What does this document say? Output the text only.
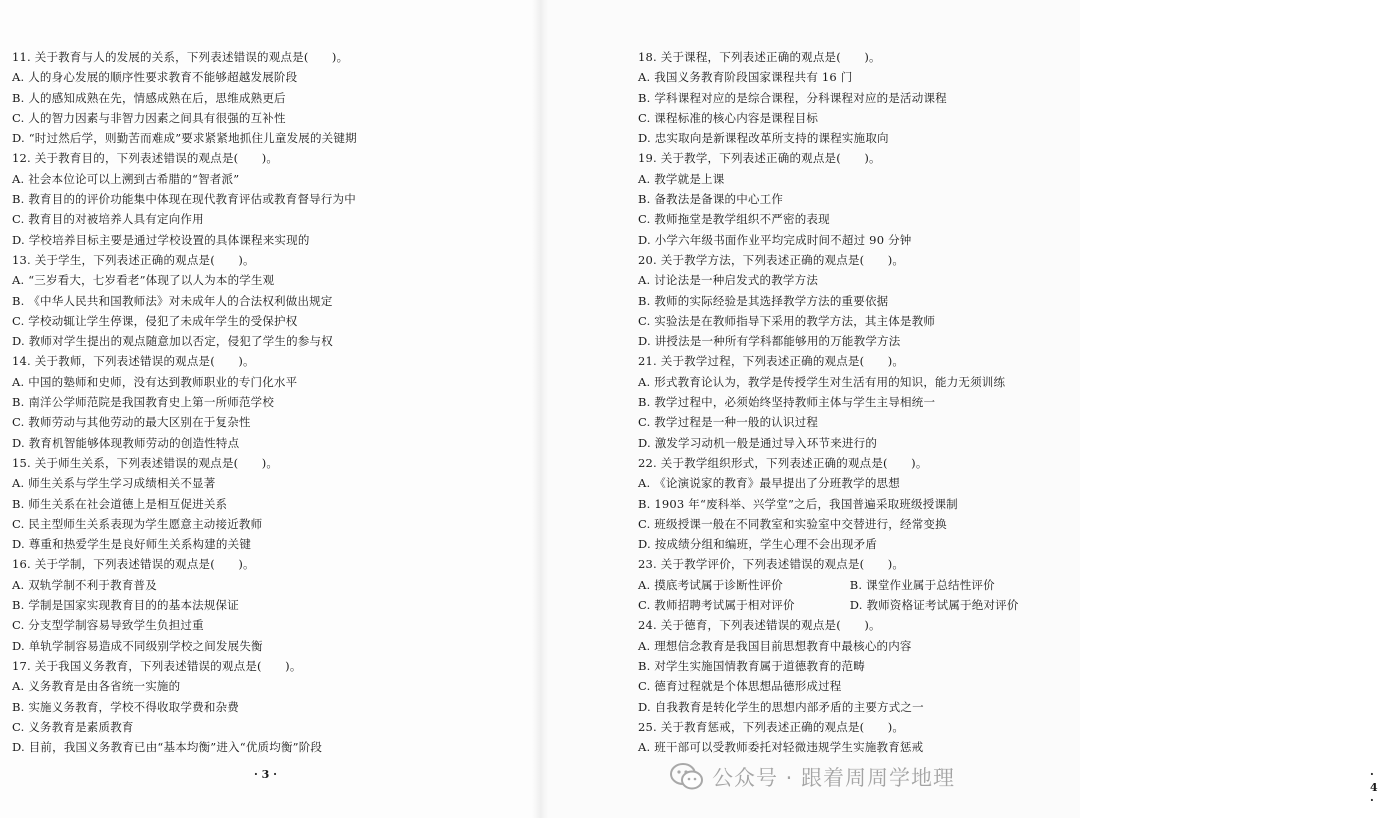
11. 关于教育与人的发展的关系，下列表述错误的观点是(　　)。
A. 人的身心发展的顺序性要求教育不能够超越发展阶段
B. 人的感知成熟在先，情感成熟在后，思维成熟更后
C. 人的智力因素与非智力因素之间具有很强的互补性
D. “时过然后学，则勤苦而难成”要求紧紧地抓住儿童发展的关键期
12. 关于教育目的，下列表述错误的观点是(　　)。
A. 社会本位论可以上溯到古希腊的“智者派”
B. 教育目的的评价功能集中体现在现代教育评估或教育督导行为中
C. 教育目的对被培养人具有定向作用
D. 学校培养目标主要是通过学校设置的具体课程来实现的
13. 关于学生，下列表述正确的观点是(　　)。
A. “三岁看大，七岁看老”体现了以人为本的学生观
B. 《中华人民共和国教师法》对未成年人的合法权利做出规定
C. 学校动辄让学生停课，侵犯了未成年学生的受保护权
D. 教师对学生提出的观点随意加以否定，侵犯了学生的参与权
14. 关于教师，下列表述错误的观点是(　　)。
A. 中国的塾师和史师，没有达到教师职业的专门化水平
B. 南洋公学师范院是我国教育史上第一所师范学校
C. 教师劳动与其他劳动的最大区别在于复杂性
D. 教育机智能够体现教师劳动的创造性特点
15. 关于师生关系，下列表述错误的观点是(　　)。
A. 师生关系与学生学习成绩相关不显著
B. 师生关系在社会道德上是相互促进关系
C. 民主型师生关系表现为学生愿意主动接近教师
D. 尊重和热爱学生是良好师生关系构建的关键
16. 关于学制，下列表述错误的观点是(　　)。
A. 双轨学制不利于教育普及
B. 学制是国家实现教育目的的基本法规保证
C. 分支型学制容易导致学生负担过重
D. 单轨学制容易造成不同级别学校之间发展失衡
17. 关于我国义务教育，下列表述错误的观点是(　　)。
A. 义务教育是由各省统一实施的
B. 实施义务教育，学校不得收取学费和杂费
C. 义务教育是素质教育
D. 目前，我国义务教育已由“基本均衡”进入“优质均衡”阶段
· 3 ·
18. 关于课程，下列表述正确的观点是(　　)。
A. 我国义务教育阶段国家课程共有 16 门
B. 学科课程对应的是综合课程，分科课程对应的是活动课程
C. 课程标准的核心内容是课程目标
D. 忠实取向是新课程改革所支持的课程实施取向
19. 关于教学，下列表述正确的观点是(　　)。
A. 教学就是上课
B. 备教法是备课的中心工作
C. 教师拖堂是教学组织不严密的表现
D. 小学六年级书面作业平均完成时间不超过 90 分钟
20. 关于教学方法，下列表述正确的观点是(　　)。
A. 讨论法是一种启发式的教学方法
B. 教师的实际经验是其选择教学方法的重要依据
C. 实验法是在教师指导下采用的教学方法，其主体是教师
D. 讲授法是一种所有学科都能够用的万能教学方法
21. 关于教学过程，下列表述正确的观点是(　　)。
A. 形式教育论认为，教学是传授学生对生活有用的知识，能力无须训练
B. 教学过程中，必须始终坚持教师主体与学生主导相统一
C. 教学过程是一种一般的认识过程
D. 激发学习动机一般是通过导入环节来进行的
22. 关于教学组织形式，下列表述正确的观点是(　　)。
A. 《论演说家的教育》最早提出了分班教学的思想
B. 1903 年“废科举、兴学堂”之后，我国普遍采取班级授课制
C. 班级授课一般在不同教室和实验室中交替进行，经常变换
D. 按成绩分组和编班，学生心理不会出现矛盾
23. 关于教学评价，下列表述错误的观点是(　　)。
A. 摸底考试属于诊断性评价	B. 课堂作业属于总结性评价
C. 教师招聘考试属于相对评价	D. 教师资格证考试属于绝对评价
24. 关于德育，下列表述错误的观点是(　　)。
A. 理想信念教育是我国目前思想教育中最核心的内容
B. 对学生实施国情教育属于道德教育的范畴
C. 德育过程就是个体思想品德形成过程
D. 自我教育是转化学生的思想内部矛盾的主要方式之一
25. 关于教育惩戒，下列表述正确的观点是(　　)。
A. 班干部可以受教师委托对轻微违规学生实施教育惩戒
· 4 ·
公众号 · 跟着周周学地理
